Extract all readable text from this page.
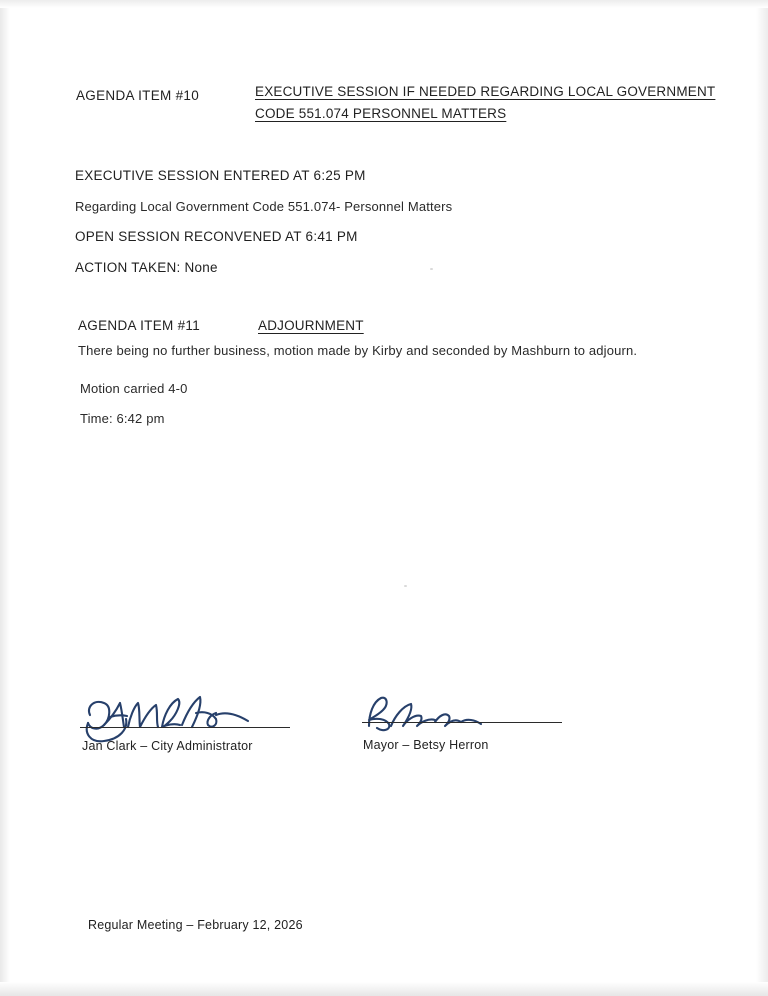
AGENDA ITEM #10	EXECUTIVE SESSION IF NEEDED REGARDING LOCAL GOVERNMENT
CODE 551.074 PERSONNEL MATTERS
EXECUTIVE SESSION ENTERED AT 6:25 PM
Regarding Local Government Code 551.074- Personnel Matters
OPEN SESSION RECONVENED AT 6:41 PM
ACTION TAKEN: None
AGENDA ITEM #11	ADJOURNMENT
There being no further business, motion made by Kirby and seconded by Mashburn to adjourn.
Motion carried 4-0
Time: 6:42 pm
Jan Clark – City Administrator	Mayor – Betsy Herron
Regular Meeting – February 12, 2026
